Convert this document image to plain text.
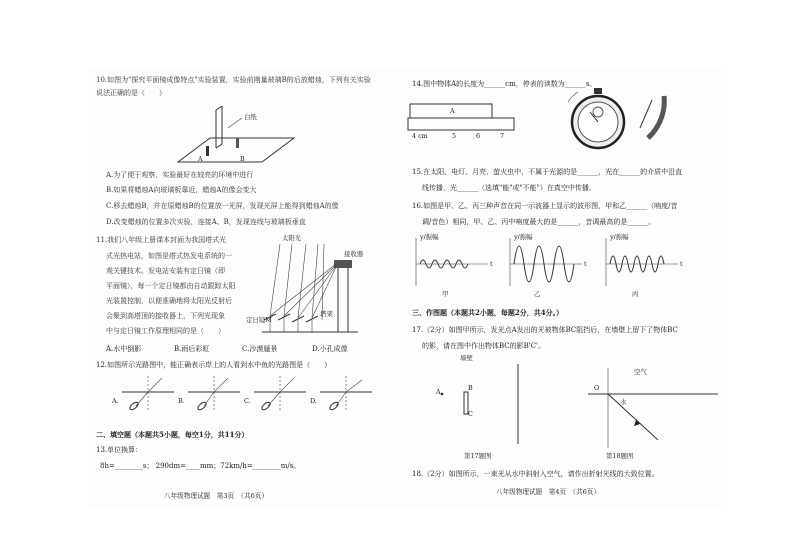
10.如图为"探究平面镜成像特点"实验装置，实验前刚量玻璃B的后放蜡烛，下列有关实验
说法正确的是（　　）
白纸
A	B
A.为了便于观察，实验最好在较亮的环境中进行
B.如果将蜡烛A向玻璃板靠近，蜡烛A的像会变大
C.移去蜡烛B，并在原蜡烛B的位置放一光屏，发现光屏上能得到蜡烛A的像
D.改变蜡烛的位置多次实验，连接A、B，发现连线与玻璃板垂直
11.我们八年级上册课本封面为我国塔式光
式光热电站，如图是塔式热发电系统的一
观关键技术。发电站安装有定日镜（即
平面镜），每一个定日镜都由自动跟踪太阳
光装置控制，以便准确地将太阳光反射后
会聚到高塔顶的接收器上，下列光现象
中与定日镜工作原理相同的是（　　）
太阳光
接收器
定日镜M
塔架
A.水中倒影	B.雨后彩虹	C.沙漠蜃景	D.小孔成像
12.如图所示光路图中，能正确表示岸上的人看到水中鱼的光路图是（　　）
A.	B.	C.	D.
二、填空题（本题共5小题，每空1分，共11分）
13.单位换算：
8h=________s； 290dm=____mm；72km/h=________m/s。
八年级物理试题　第3页　（共6页）
14.图中物体A的长度为______cm，停表的读数为______s。
A
4 cm	5	6	7
15.在太阳、电灯、月亮、萤火虫中，不属于光源的是______，光在______的介质中沿直
线传播，光______（选填"能"或"不能"）在真空中传播。
16.如图是甲、乙、丙三种声音在同一示波器上显示的波形图，甲和乙______（响度/音
调/音色）相同，甲、乙、丙中响度最大的是______，音调最高的是______。
y/振幅
t
甲
y/振幅
t
乙
y/振幅
t
丙
三、作图题（本题共2小题，每题2分，共4分。）
17.（2分）如图甲所示，发光点A发出的光被物体BC阻挡后，在墙壁上留下了物体BC
的影，请在图中作出物体BC的影B'C'。
墙壁
A	B
C
第17题图
空气
水
O
第18题图
18.（2分）如图所示，一束光从水中斜射入空气，请作出折射光线的大致位置。
八年级物理试题　第4页　（共6页）
